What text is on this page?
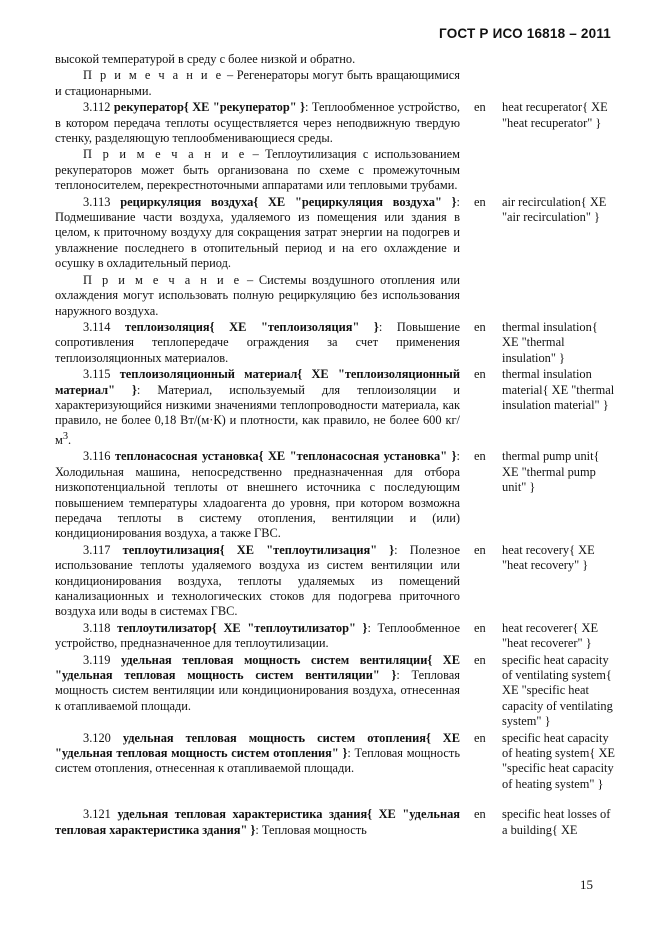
ГОСТ Р ИСО 16818 – 2011
высокой температурой в среду с более низкой и обратно.
П р и м е ч а н и е – Регенераторы могут быть вращающимися и стационарными.
3.112 рекуператор{ XE "рекуператор" }: Теплообменное устройство, в котором передача теплоты осуществляется через неподвижную твердую стенку, разделяющую теплообменивающиеся среды.
en	heat recuperator{ XE "heat recuperator" }
П р и м е ч а н и е – Теплоутилизация с использованием рекуператоров может быть организована по схеме с промежуточным теплоносителем, перекрестноточными аппаратами или тепловыми трубами.
3.113 рециркуляция воздуха{ XE "рециркуляция воздуха" }: Подмешивание части воздуха, удаляемого из помещения или здания в целом, к приточному воздуху для сокращения затрат энергии на подогрев и увлажнение последнего в отопительный период и на его охлаждение и осушку в охладительный период.
en	air recirculation{ XE "air recirculation" }
П р и м е ч а н и е – Системы воздушного отопления или охлаждения могут использовать полную рециркуляцию без использования наружного воздуха.
3.114 теплоизоляция{ XE "теплоизоляция" }: Повышение сопротивления теплопередаче ограждения за счет применения теплоизоляционных материалов.
en	thermal insulation{ XE "thermal insulation" }
3.115 теплоизоляционный материал{ XE "теплоизоляционный материал" }: Материал, используемый для теплоизоляции и характеризующийся низкими значениями теплопроводности материала, как правило, не более 0,18 Вт/(м·К) и плотности, как правило, не более 600 $кг/м^3$.
en	thermal insulation material{ XE "thermal insulation material" }
3.116 теплонасосная установка{ XE "теплонасосная установка" }: Холодильная машина, непосредственно предназначенная для отбора низкопотенциальной теплоты от внешнего источника с последующим повышением температуры хладоагента до уровня, при котором возможна передача теплоты в систему отопления, вентиляции и (или) кондиционирования воздуха, а также ГВС.
en	thermal pump unit{ XE "thermal pump unit" }
3.117 теплоутилизация{ XE "теплоутилизация" }: Полезное использование теплоты удаляемого воздуха из систем вентиляции или кондиционирования воздуха, теплоты удаляемых из помещений канализационных и технологических стоков для подогрева приточного воздуха или воды в системах ГВС.
en	heat recovery{ XE "heat recovery" }
3.118 теплоутилизатор{ XE "теплоутилизатор" }: Теплообменное устройство, предназначенное для теплоутилизации.
en	heat recoverer{ XE "heat recoverer" }
3.119 удельная тепловая мощность систем вентиляции{ XE "удельная тепловая мощность систем вентиляции" }: Тепловая мощность систем вентиляции или кондиционирования воздуха, отнесенная к отапливаемой площади.
en	specific heat capacity of ventilating system{ XE "specific heat capacity of ventilating system" }
3.120 удельная тепловая мощность систем отопления{ XE "удельная тепловая мощность систем отопления" }: Тепловая мощность систем отопления, отнесенная к отапливаемой площади.
en	specific heat capacity of heating system{ XE "specific heat capacity of heating system" }
3.121 удельная тепловая характеристика здания{ XE "удельная тепловая характеристика здания" }: Тепловая мощность
en	specific heat losses of a building{ XE
15
